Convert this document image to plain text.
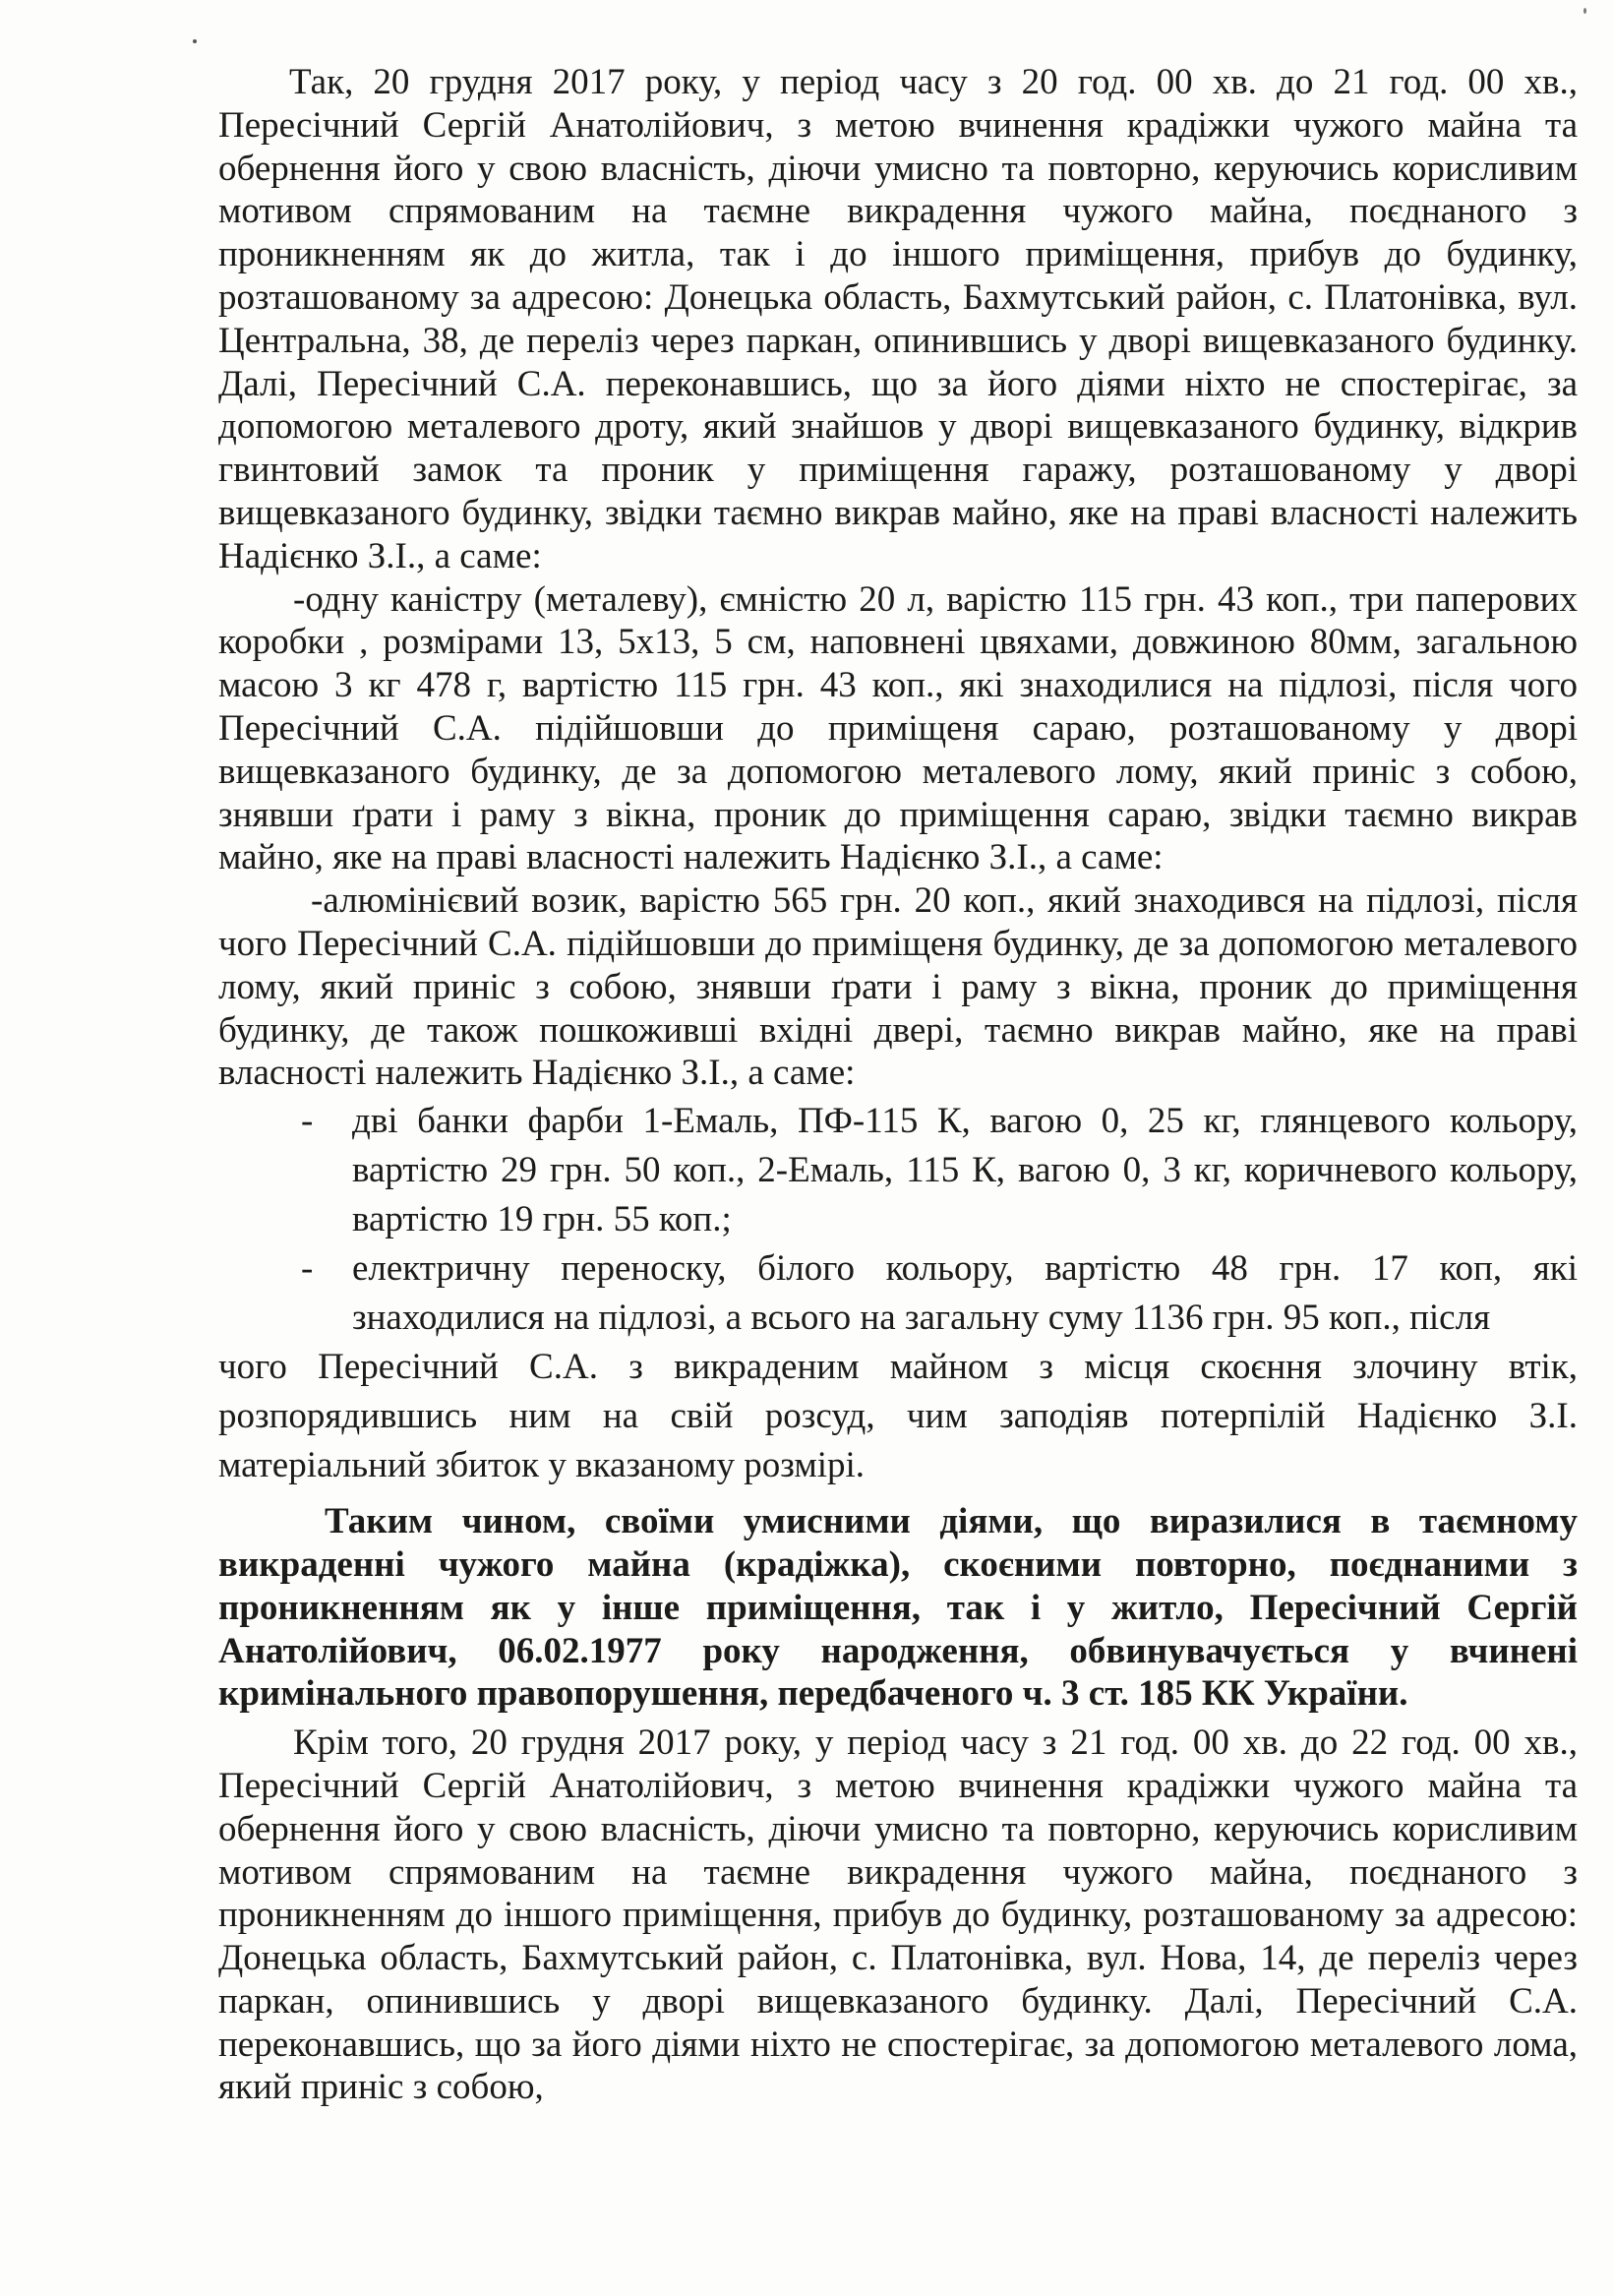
Так, 20 грудня 2017 року, у період часу з 20 год. 00 хв. до 21 год. 00 хв., Пересічний Сергій Анатолійович, з метою вчинення крадіжки чужого майна та обернення його у свою власність, діючи умисно та повторно, керуючись корисливим мотивом спрямованим на таємне викрадення чужого майна, поєднаного з проникненням як до житла, так і до іншого приміщення, прибув до будинку, розташованому за адресою: Донецька область, Бахмутський район, с. Платонівка, вул. Центральна, 38, де переліз через паркан, опинившись у дворі вищевказаного будинку. Далі, Пересічний С.А. переконавшись, що за його діями ніхто не спостерігає, за допомогою металевого дроту, який знайшов у дворі вищевказаного будинку, відкрив гвинтовий замок та проник у приміщення гаражу, розташованому у дворі вищевказаного будинку, звідки таємно викрав майно, яке на праві власності належить Надієнко З.І., а саме:

-одну каністру (металеву), ємністю 20 л, варістю 115 грн. 43 коп., три паперових коробки , розмірами 13, 5х13, 5 см, наповнені цвяхами, довжиною 80мм, загальною масою 3 кг 478 г, вартістю 115 грн. 43 коп., які знаходилися на підлозі, після чого Пересічний С.А. підійшовши до приміщеня сараю, розташованому у дворі вищевказаного будинку, де за допомогою металевого лому, який приніс з собою, знявши ґрати і раму з вікна, проник до приміщення сараю, звідки таємно викрав майно, яке на праві власності належить Надієнко З.І., а саме:

-алюмінієвий возик, варістю 565 грн. 20 коп., який знаходився на підлозі, після чого Пересічний С.А. підійшовши до приміщеня будинку, де за допомогою металевого лому, який приніс з собою, знявши ґрати і раму з вікна, проник до приміщення будинку, де також пошкоживші вхідні двері, таємно викрав майно, яке на праві власності належить Надієнко З.І., а саме:

- дві банки фарби 1-Емаль, ПФ-115 К, вагою 0, 25 кг, глянцевого кольору, вартістю 29 грн. 50 коп., 2-Емаль, 115 К, вагою 0, 3 кг, коричневого кольору, вартістю 19 грн. 55 коп.;
- електричну переноску, білого кольору, вартістю 48 грн. 17 коп, які знаходилися на підлозі, а всього на загальну суму 1136 грн. 95 коп., після

чого Пересічний С.А. з викраденим майном з місця скоєння злочину втік, розпорядившись ним на свій розсуд, чим заподіяв потерпілій Надієнко З.І. матеріальний збиток у вказаному розмірі.

Таким чином, своїми умисними діями, що виразилися в таємному викраденні чужого майна (крадіжка), скоєними повторно, поєднаними з проникненням як у інше приміщення, так і у житло, Пересічний Сергій Анатолійович, 06.02.1977 року народження, обвинувачується у вчинені кримінального правопорушення, передбаченого ч. 3 ст. 185 КК України.

Крім того, 20 грудня 2017 року, у період часу з 21 год. 00 хв. до 22 год. 00 хв., Пересічний Сергій Анатолійович, з метою вчинення крадіжки чужого майна та обернення його у свою власність, діючи умисно та повторно, керуючись корисливим мотивом спрямованим на таємне викрадення чужого майна, поєднаного з проникненням до іншого приміщення, прибув до будинку, розташованому за адресою: Донецька область, Бахмутський район, с. Платонівка, вул. Нова, 14, де переліз через паркан, опинившись у дворі вищевказаного будинку. Далі, Пересічний С.А. переконавшись, що за його діями ніхто не спостерігає, за допомогою металевого лома, який приніс з собою,
